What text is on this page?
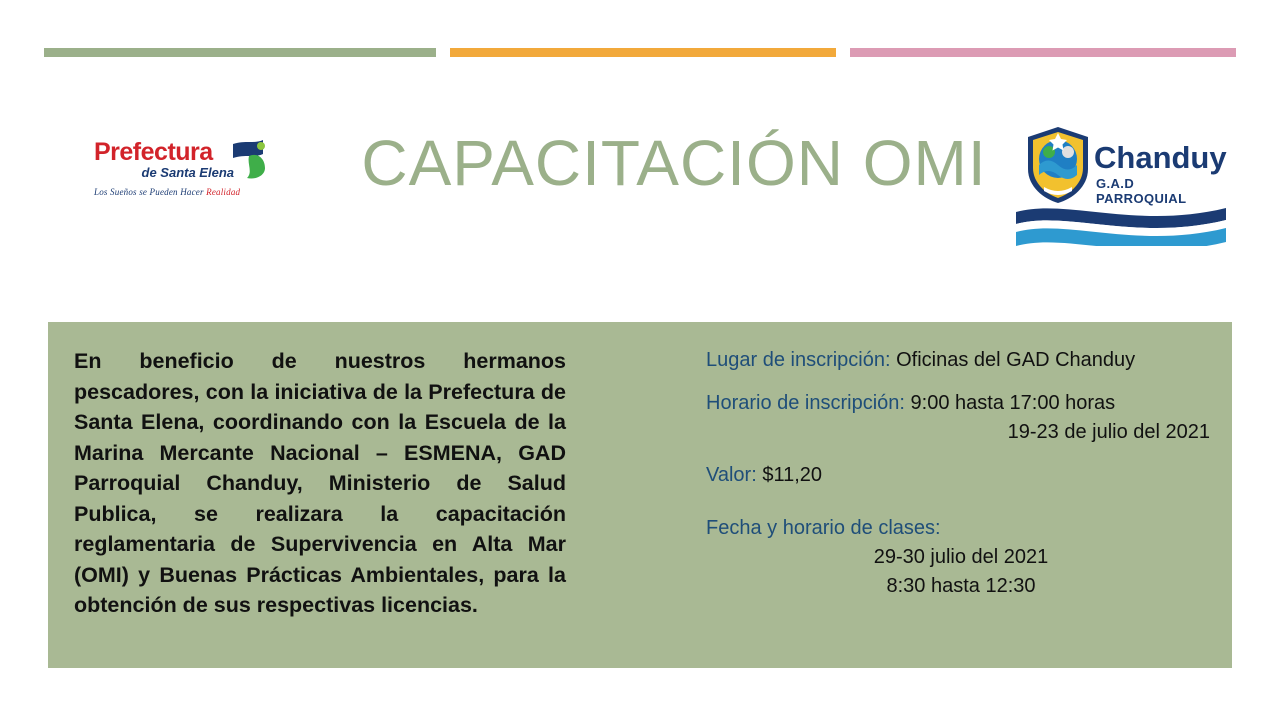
Prefectura
de Santa Elena
Los Sueños se Pueden Hacer Realidad	CAPACITACIÓN OMI	Chanduy
G.A.D PARROQUIAL
En beneficio de nuestros hermanos pescadores, con la iniciativa de la Prefectura de Santa Elena, coordinando con la Escuela de la Marina Mercante Nacional – ESMENA, GAD Parroquial Chanduy, Ministerio de Salud Publica, se realizara la capacitación reglamentaria de Supervivencia en Alta Mar (OMI) y Buenas Prácticas Ambientales, para la obtención de sus respectivas licencias.
Lugar de inscripción: Oficinas del GAD Chanduy
Horario de inscripción: 9:00 hasta 17:00 horas
19-23 de julio del 2021
Valor: $11,20
Fecha y horario de clases:
29-30 julio del 2021
8:30 hasta 12:30
